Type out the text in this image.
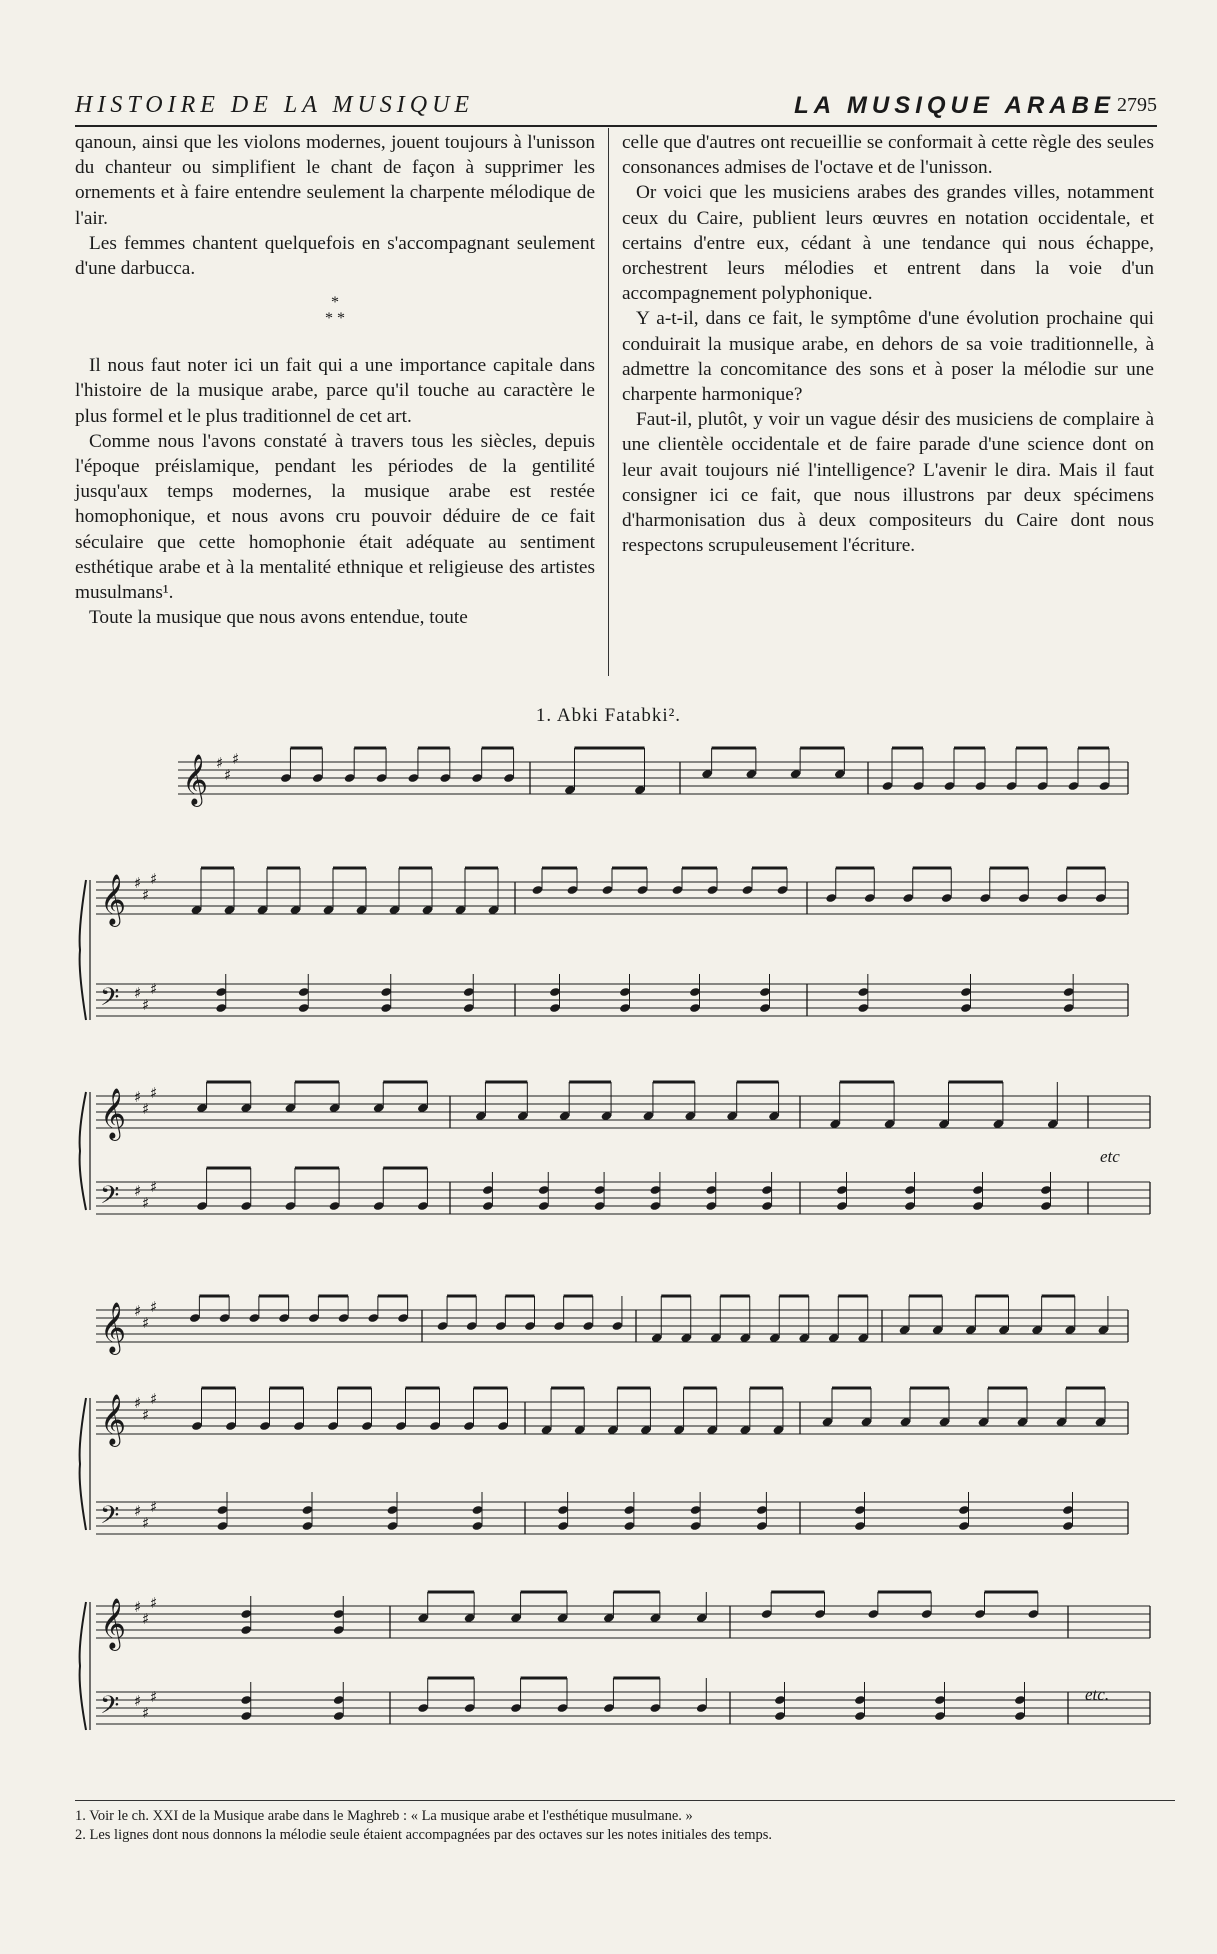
HISTOIRE DE LA MUSIQUE	LA MUSIQUE ARABE 2795

qanoun, ainsi que les violons modernes, jouent toujours à l'unisson du chanteur ou simplifient le chant de façon à supprimer les ornements et à faire entendre seulement la charpente mélodique de l'air.

Les femmes chantent quelquefois en s'accompagnant seulement d'une darbucca.

*
* *

Il nous faut noter ici un fait qui a une importance capitale dans l'histoire de la musique arabe, parce qu'il touche au caractère le plus formel et le plus traditionnel de cet art.

Comme nous l'avons constaté à travers tous les siècles, depuis l'époque préislamique, pendant les périodes de la gentilité jusqu'aux temps modernes, la musique arabe est restée homophonique, et nous avons cru pouvoir déduire de ce fait séculaire que cette homophonie était adéquate au sentiment esthétique arabe et à la mentalité ethnique et religieuse des artistes musulmans¹.

Toute la musique que nous avons entendue, toute

celle que d'autres ont recueillie se conformait à cette règle des seules consonances admises de l'octave et de l'unisson.

Or voici que les musiciens arabes des grandes villes, notamment ceux du Caire, publient leurs œuvres en notation occidentale, et certains d'entre eux, cédant à une tendance qui nous échappe, orchestrent leurs mélodies et entrent dans la voie d'un accompagnement polyphonique.

Y a-t-il, dans ce fait, le symptôme d'une évolution prochaine qui conduirait la musique arabe, en dehors de sa voie traditionnelle, à admettre la concomitance des sons et à poser la mélodie sur une charpente harmonique?

Faut-il, plutôt, y voir un vague désir des musiciens de complaire à une clientèle occidentale et de faire parade d'une science dont on leur avait toujours nié l'intelligence? L'avenir le dira. Mais il faut consigner ici ce fait, que nous illustrons par deux spécimens d'harmonisation dus à deux compositeurs du Caire dont nous respectons scrupuleusement l'écriture.

1. Abki Fatabki².
𝄞 ♯
♯
♯
𝄞 ♯
♯
♯
𝄢 ♯
♯
♯
𝄞 ♯
♯
♯
𝄢 ♯
♯
♯
𝄞 ♯
♯
♯
𝄞 ♯
♯
♯
𝄢 ♯
♯
♯
𝄞 ♯
♯
♯
𝄢 ♯
♯
♯
etc
etc.
1. Voir le ch. XXI de la Musique arabe dans le Maghreb : « La musique arabe et l'esthétique musulmane. »
2. Les lignes dont nous donnons la mélodie seule étaient accompagnées par des octaves sur les notes initiales des temps.
